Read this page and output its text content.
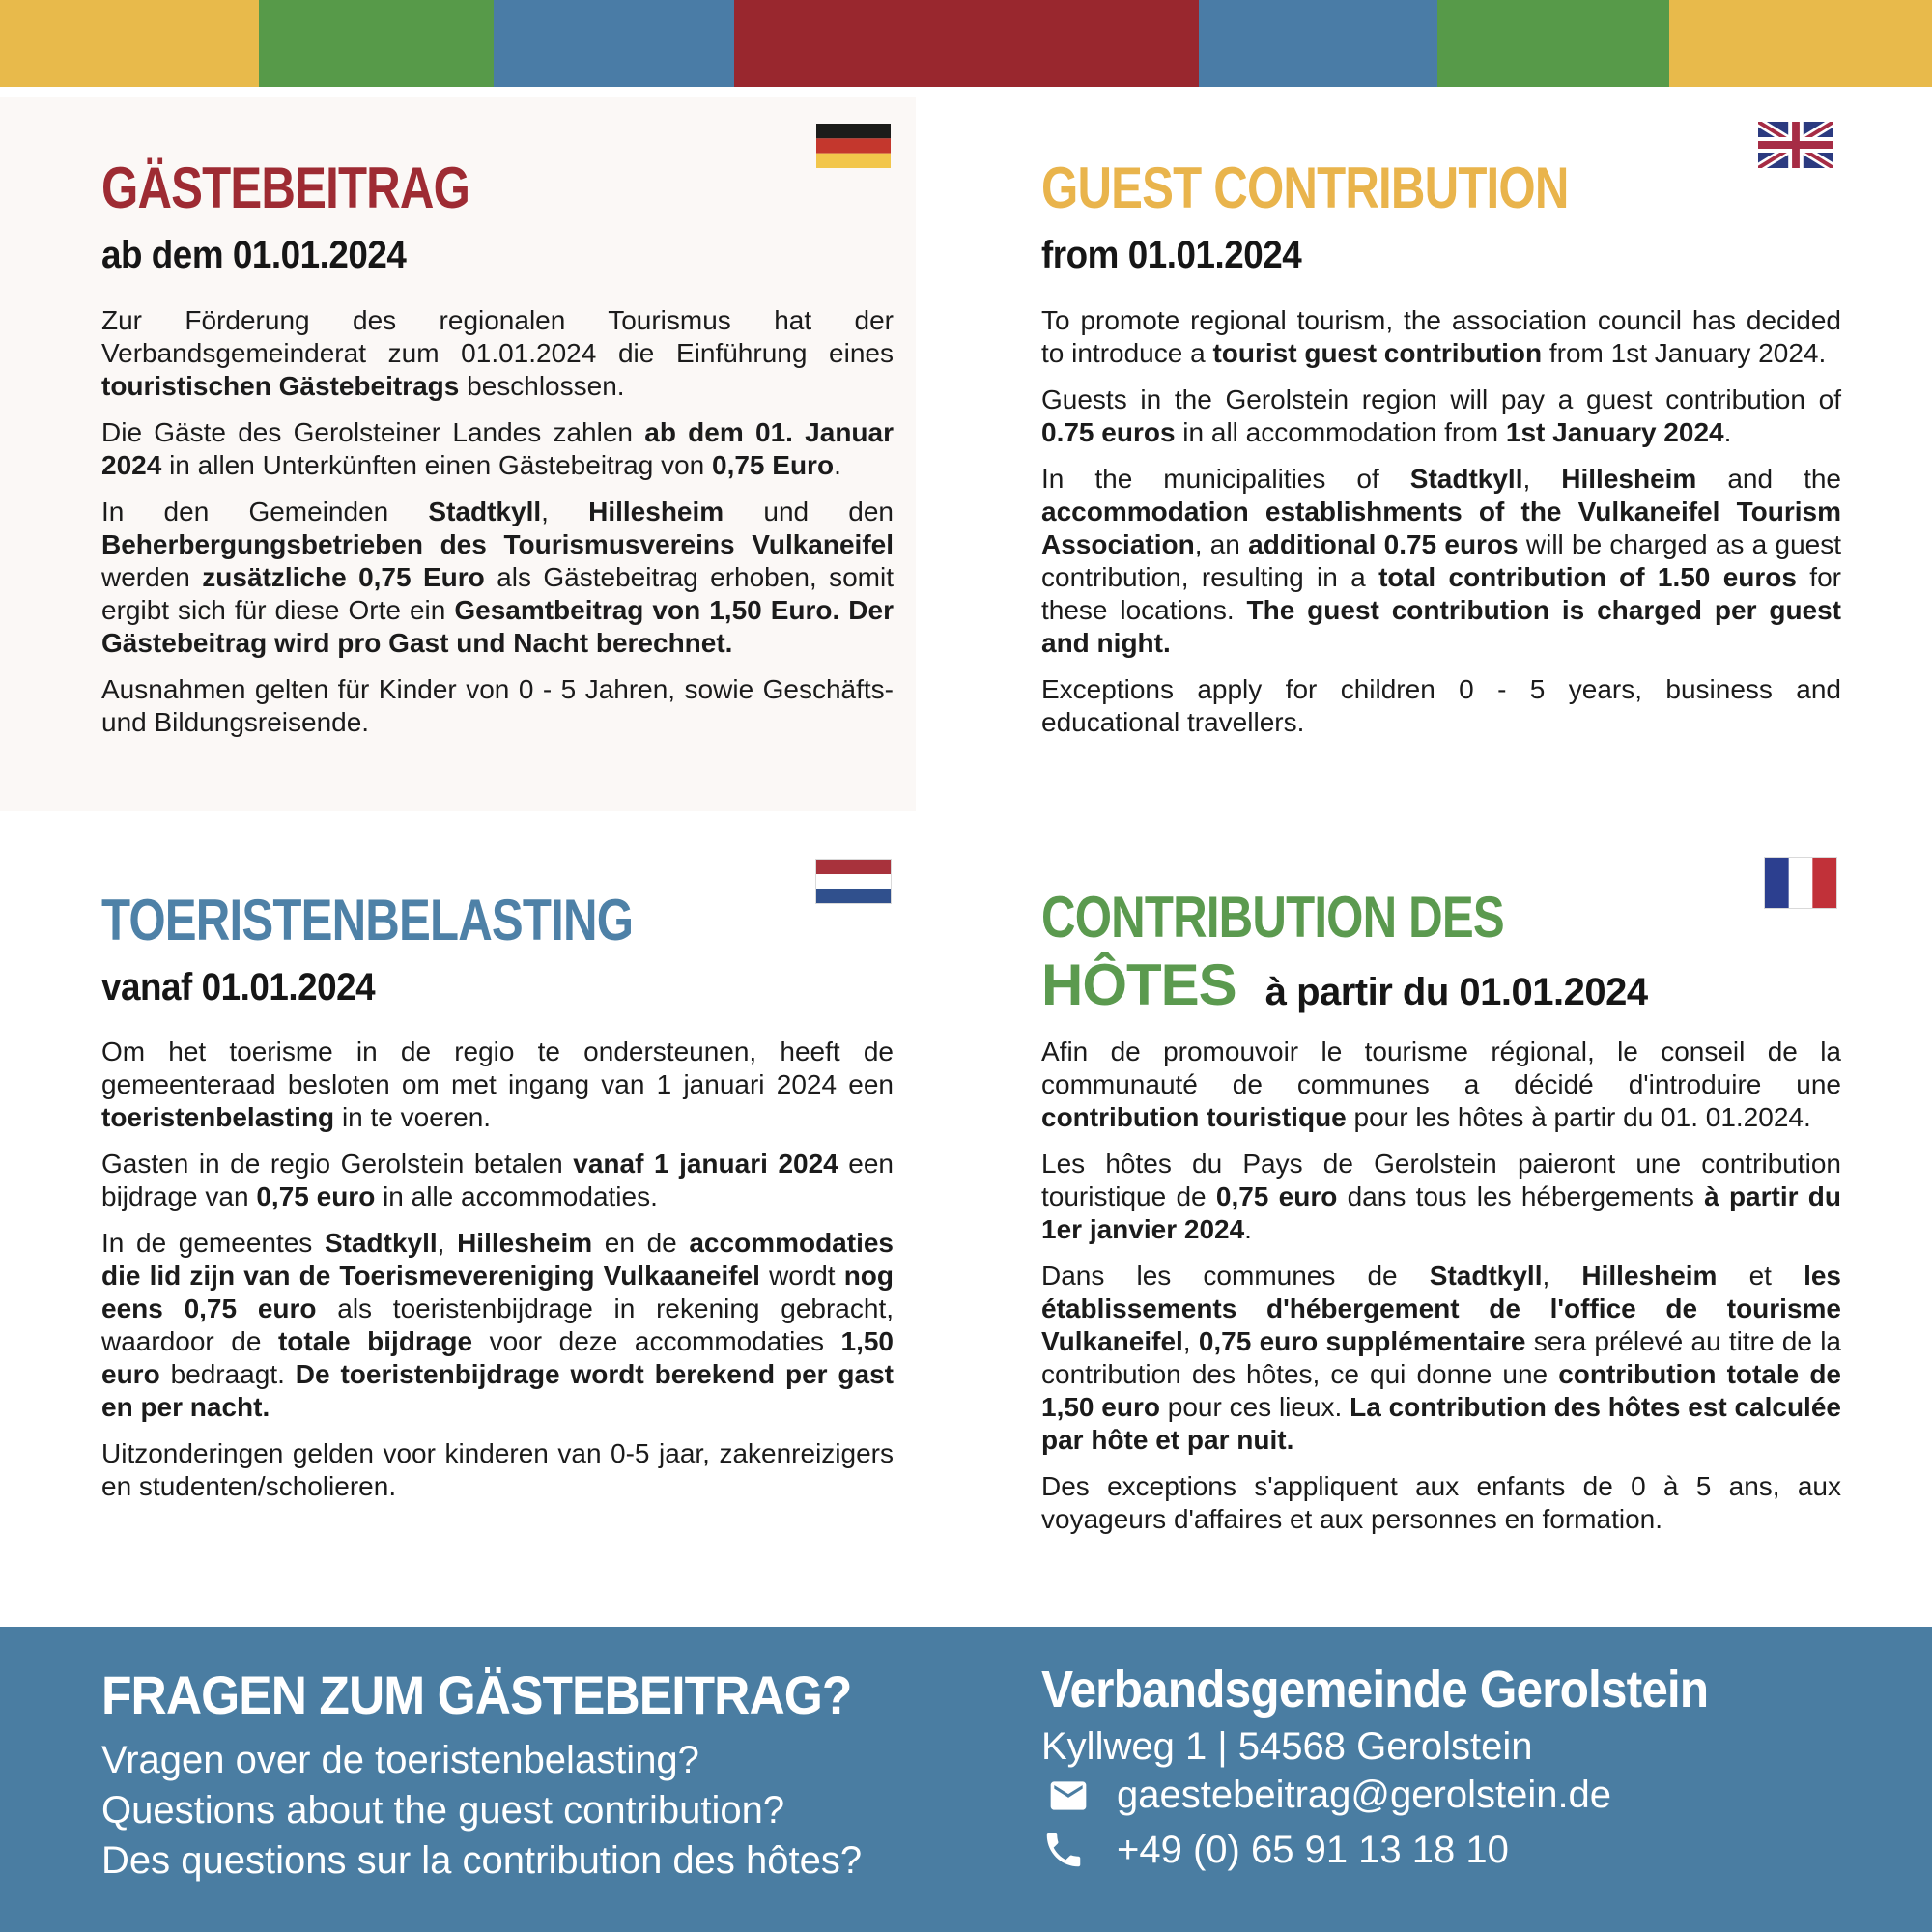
GÄSTEBEITRAG
ab dem 01.01.2024

Zur Förderung des regionalen Tourismus hat der Verbandsgemeinderat zum 01.01.2024 die Einführung eines touristischen Gästebeitrags beschlossen.

Die Gäste des Gerolsteiner Landes zahlen ab dem 01. Januar 2024 in allen Unterkünften einen Gästebeitrag von 0,75 Euro.

In den Gemeinden Stadtkyll, Hillesheim und den Beherbergungsbetrieben des Tourismusvereins Vulkaneifel werden zusätzliche 0,75 Euro als Gästebeitrag erhoben, somit ergibt sich für diese Orte ein Gesamtbeitrag von 1,50 Euro. Der Gästebeitrag wird pro Gast und Nacht berechnet.

Ausnahmen gelten für Kinder von 0 - 5 Jahren, sowie Geschäfts- und Bildungsreisende.

GUEST CONTRIBUTION
from 01.01.2024

To promote regional tourism, the association council has decided to introduce a tourist guest contribution from 1st January 2024.

Guests in the Gerolstein region will pay a guest contribution of 0.75 euros in all accommodation from 1st January 2024.

In the municipalities of Stadtkyll, Hillesheim and the accommodation establishments of the Vulkaneifel Tourism Association, an additional 0.75 euros will be charged as a guest contribution, resulting in a total contribution of 1.50 euros for these locations. The guest contribution is charged per guest and night.

Exceptions apply for children 0 - 5 years, business and educational travellers.

TOERISTENBELASTING
vanaf 01.01.2024

Om het toerisme in de regio te ondersteunen, heeft de gemeenteraad besloten om met ingang van 1 januari 2024 een toeristenbelasting in te voeren.

Gasten in de regio Gerolstein betalen vanaf 1 januari 2024 een bijdrage van 0,75 euro in alle accommodaties.

In de gemeentes Stadtkyll, Hillesheim en de accommodaties die lid zijn van de Toerismevereniging Vulkaaneifel wordt nog eens 0,75 euro als toeristenbijdrage in rekening gebracht, waardoor de totale bijdrage voor deze accommodaties 1,50 euro bedraagt. De toeristenbijdrage wordt berekend per gast en per nacht.

Uitzonderingen gelden voor kinderen van 0-5 jaar, zakenreizigers en studenten/scholieren.

CONTRIBUTION DES
HÔTES à partir du 01.01.2024

Afin de promouvoir le tourisme régional, le conseil de la communauté de communes a décidé d'introduire une contribution touristique pour les hôtes à partir du 01. 01.2024.

Les hôtes du Pays de Gerolstein paieront une contribution touristique de 0,75 euro dans tous les hébergements à partir du 1er janvier 2024.

Dans les communes de Stadtkyll, Hillesheim et les établissements d'hébergement de l'office de tourisme Vulkaneifel, 0,75 euro supplémentaire sera prélevé au titre de la contribution des hôtes, ce qui donne une contribution totale de 1,50 euro pour ces lieux. La contribution des hôtes est calculée par hôte et par nuit.

Des exceptions s'appliquent aux enfants de 0 à 5 ans, aux voyageurs d'affaires et aux personnes en formation.

FRAGEN ZUM GÄSTEBEITRAG?
Vragen over de toeristenbelasting?
Questions about the guest contribution?
Des questions sur la contribution des hôtes?
Verbandsgemeinde Gerolstein
Kyllweg 1 | 54568 Gerolstein
gaestebeitrag@gerolstein.de
+49 (0) 65 91 13 18 10
